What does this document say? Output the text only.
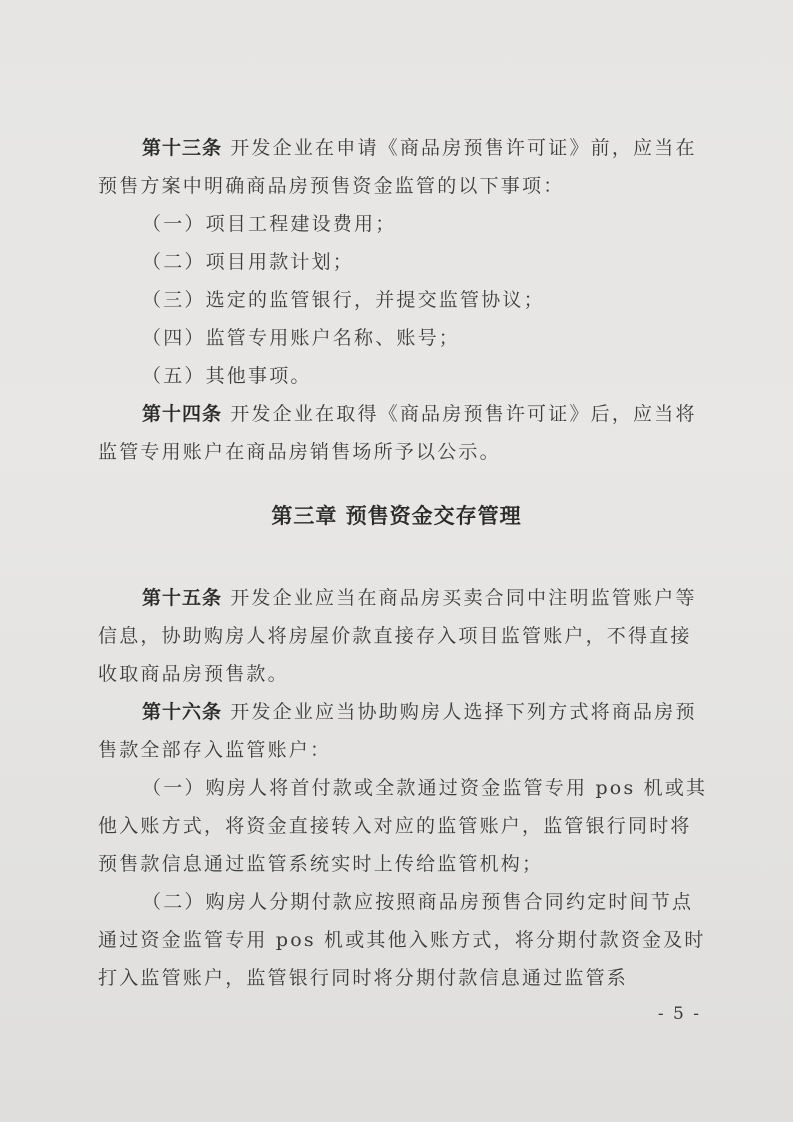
第十三条 开发企业在申请《商品房预售许可证》前，应当在预售方案中明确商品房预售资金监管的以下事项：

（一）项目工程建设费用；

（二）项目用款计划；

（三）选定的监管银行，并提交监管协议；

（四）监管专用账户名称、账号；

（五）其他事项。

第十四条 开发企业在取得《商品房预售许可证》后，应当将监管专用账户在商品房销售场所予以公示。

第三章 预售资金交存管理

第十五条 开发企业应当在商品房买卖合同中注明监管账户等信息，协助购房人将房屋价款直接存入项目监管账户，不得直接收取商品房预售款。

第十六条 开发企业应当协助购房人选择下列方式将商品房预售款全部存入监管账户：

（一）购房人将首付款或全款通过资金监管专用 pos 机或其他入账方式，将资金直接转入对应的监管账户，监管银行同时将预售款信息通过监管系统实时上传给监管机构；

（二）购房人分期付款应按照商品房预售合同约定时间节点通过资金监管专用 pos 机或其他入账方式，将分期付款资金及时打入监管账户，监管银行同时将分期付款信息通过监管系

- 5 -
